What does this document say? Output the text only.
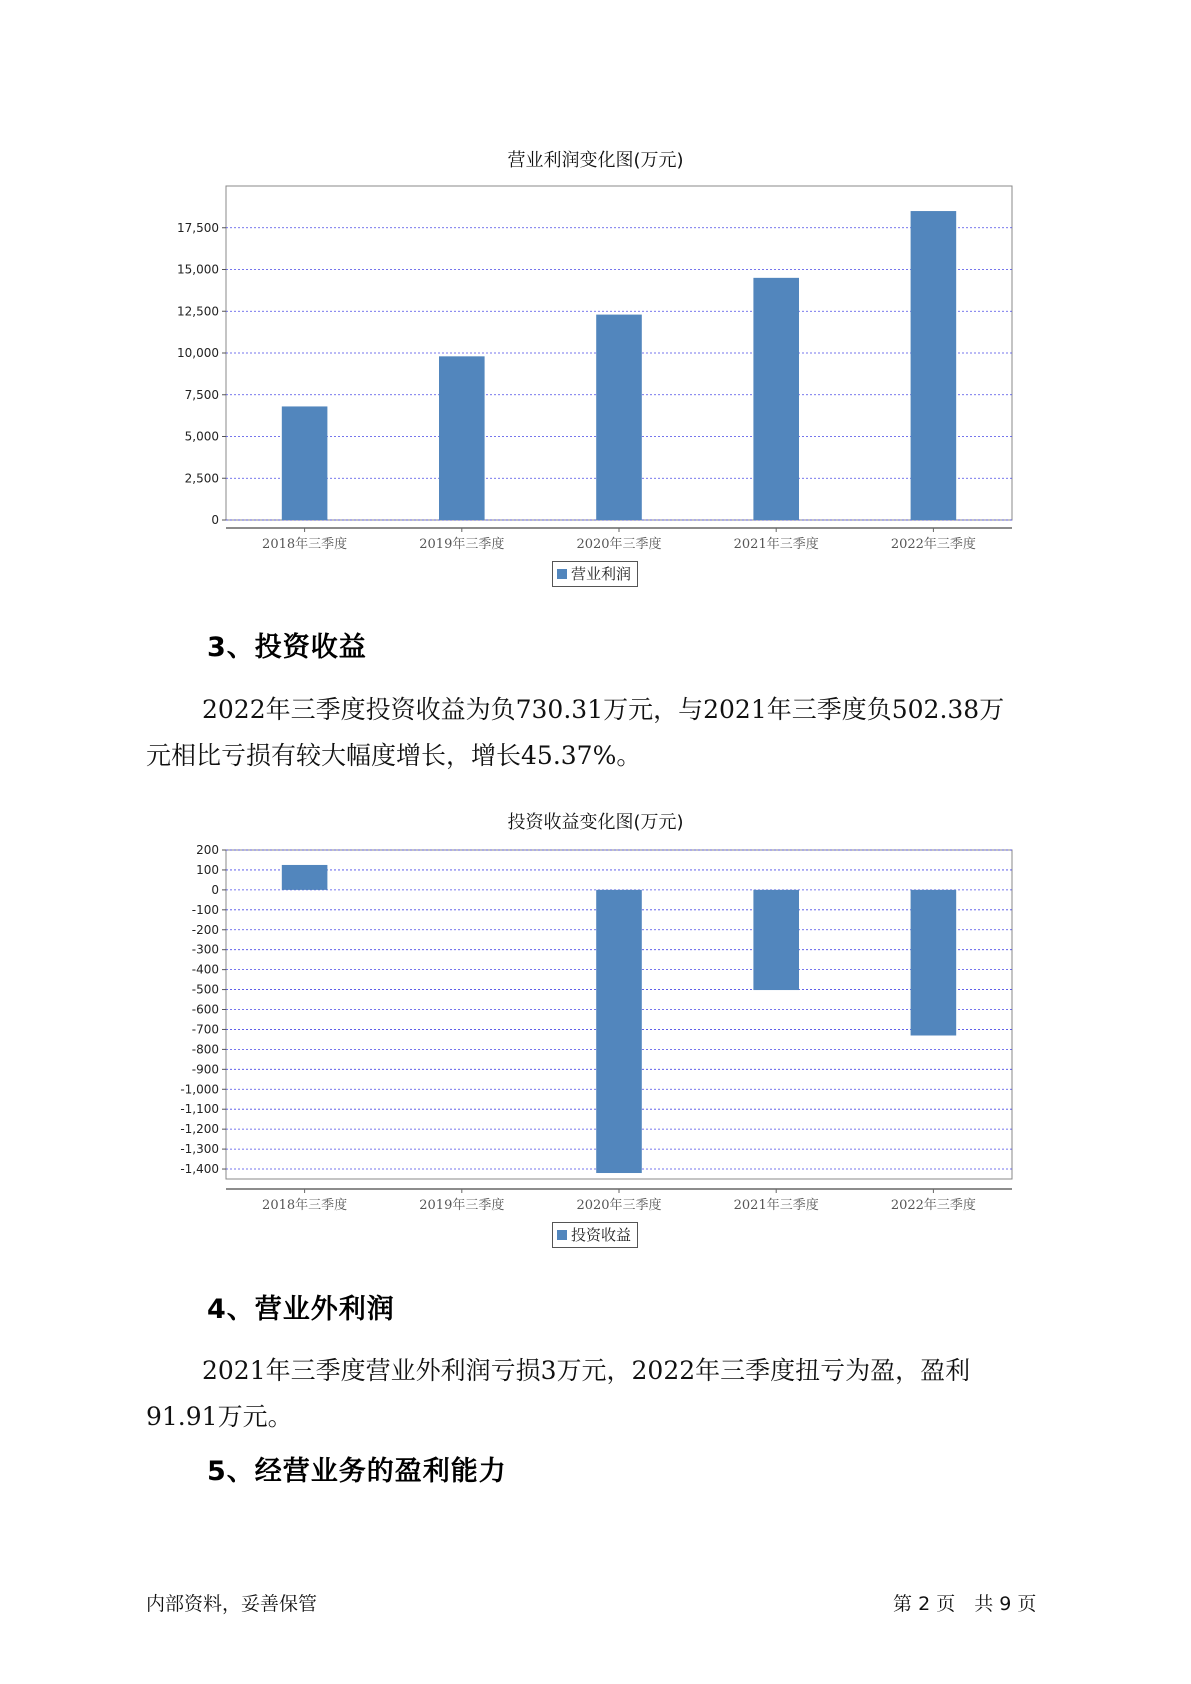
营业利润变化图(万元)
0
2,500
5,000
7,500
10,000
12,500
15,000
17,500
2018年三季度	2019年三季度	2020年三季度	2021年三季度	2022年三季度
营业利润
3、投资收益

2022年三季度投资收益为负730.31万元，与2021年三季度负502.38万
元相比亏损有较大幅度增长，增长45.37%。

投资收益变化图(万元)
200
100
0
-100
-200
-300
-400
-500
-600
-700
-800
-900
-1,000
-1,100
-1,200
-1,300
-1,400
2018年三季度	2019年三季度	2020年三季度	2021年三季度	2022年三季度
投资收益
4、营业外利润

2021年三季度营业外利润亏损3万元，2022年三季度扭亏为盈，盈利
91.91万元。

5、经营业务的盈利能力
内部资料，妥善保管	第 2 页　共 9 页
